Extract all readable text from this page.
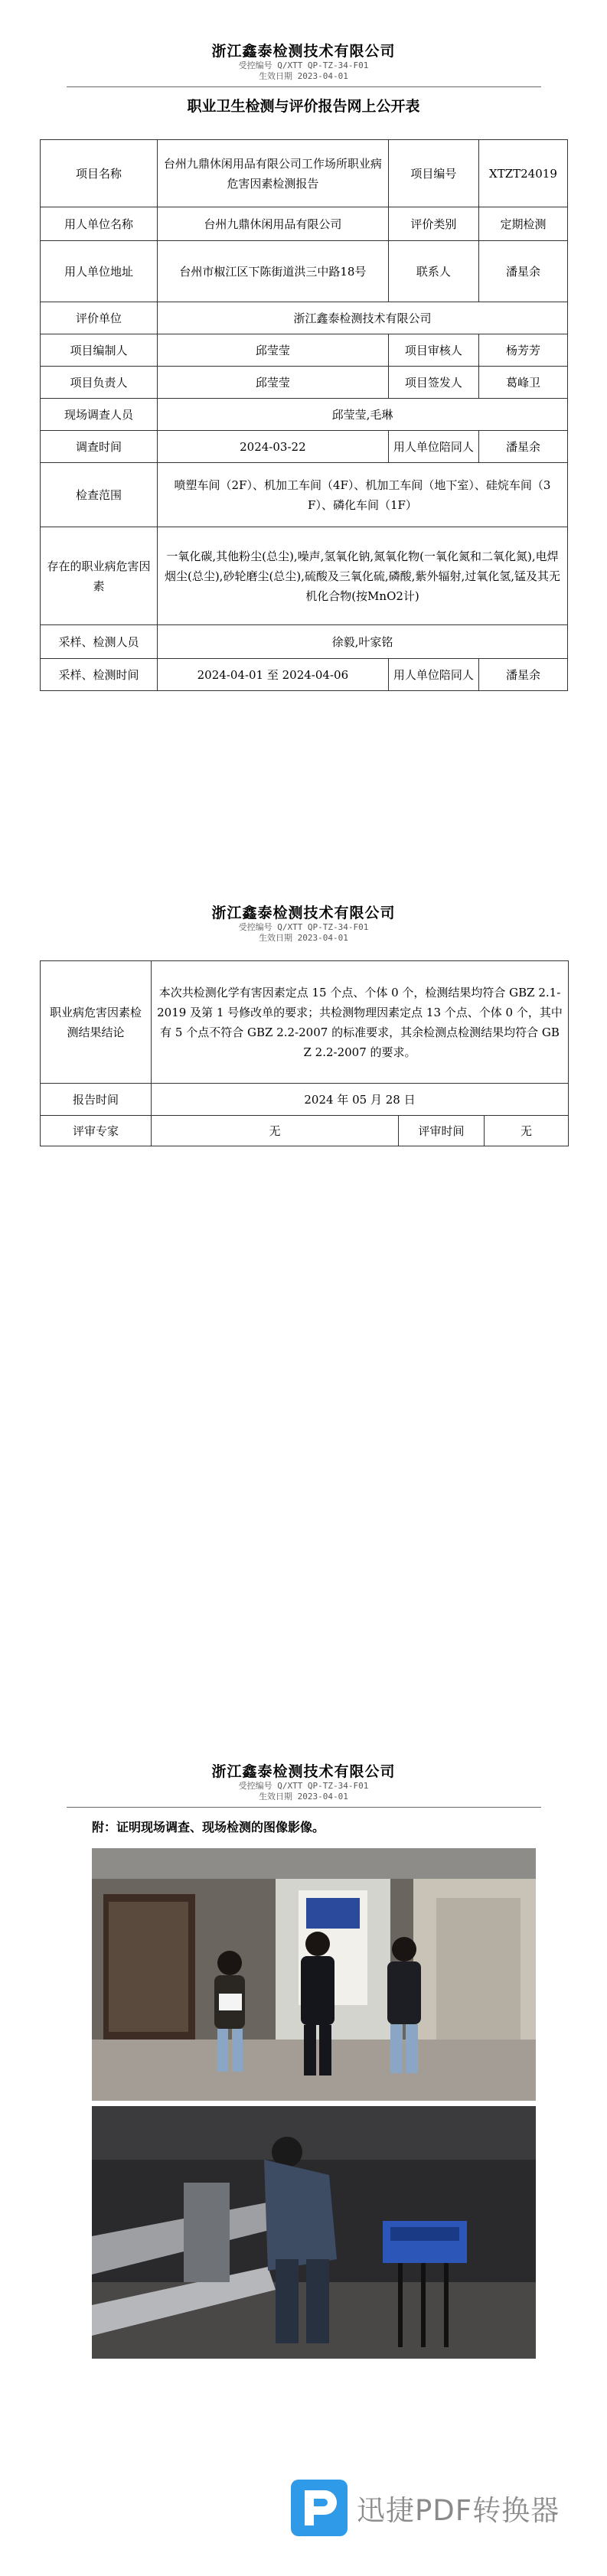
浙江鑫泰检测技术有限公司
受控编号 Q/XTT QP-TZ-34-F01
生效日期 2023-04-01
职业卫生检测与评价报告网上公开表
项目名称	台州九鼎休闲用品有限公司工作场所职业病危害因素检测报告	项目编号	XTZT24019
用人单位名称	台州九鼎休闲用品有限公司	评价类别	定期检测
用人单位地址	台州市椒江区下陈街道洪三中路18号	联系人	潘星余
评价单位	浙江鑫泰检测技术有限公司		
项目编制人	邱莹莹	项目审核人	杨芳芳
项目负责人	邱莹莹	项目签发人	葛峰卫
现场调查人员	邱莹莹,毛琳		
调查时间	2024-03-22	用人单位陪同人	潘星余
检查范围	喷塑车间（2F）、机加工车间（4F）、机加工车间（地下室）、硅烷车间（3F）、磷化车间（1F）		
存在的职业病危害因素	一氧化碳,其他粉尘(总尘),噪声,氢氧化钠,氮氧化物(一氧化氮和二氧化氮),电焊烟尘(总尘),砂轮磨尘(总尘),硫酸及三氧化硫,磷酸,紫外辐射,过氧化氢,锰及其无机化合物(按MnO2计)		
采样、检测人员	徐毅,叶家铭		
采样、检测时间	2024-04-01 至 2024-04-06	用人单位陪同人	潘星余
浙江鑫泰检测技术有限公司
受控编号 Q/XTT QP-TZ-34-F01
生效日期 2023-04-01
职业病危害因素检测结果结论	本次共检测化学有害因素定点 15 个点、个体 0 个，检测结果均符合 GBZ 2.1-2019 及第 1 号修改单的要求；共检测物理因素定点 13 个点、个体 0 个，其中有 5 个点不符合 GBZ 2.2-2007 的标准要求，其余检测点检测结果均符合 GBZ 2.2-2007 的要求。		
报告时间	2024 年 05 月 28 日		
评审专家	无	评审时间	无
浙江鑫泰检测技术有限公司
受控编号 Q/XTT QP-TZ-34-F01
生效日期 2023-04-01
附：证明现场调查、现场检测的图像影像。
迅捷PDF转换器
